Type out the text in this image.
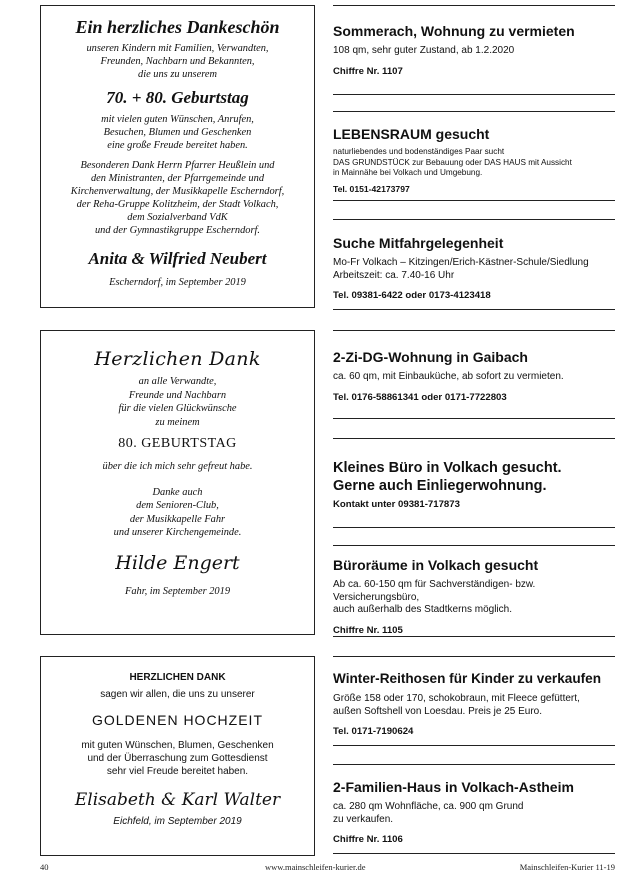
Ein herzliches Dankeschön
unseren Kindern mit Familien, Verwandten,
Freunden, Nachbarn und Bekannten,
die uns zu unserem
70. + 80. Geburtstag
mit vielen guten Wünschen, Anrufen,
Besuchen, Blumen und Geschenken
eine große Freude bereitet haben.
Besonderen Dank Herrn Pfarrer Heußlein und
den Ministranten, der Pfarrgemeinde und
Kirchenverwaltung, der Musikkapelle Escherndorf,
der Reha-Gruppe Kolitzheim, der Stadt Volkach,
dem Sozialverband VdK
und der Gymnastikgruppe Escherndorf.
Anita & Wilfried Neubert
Escherndorf, im September 2019
Herzlichen Dank
an alle Verwandte,
Freunde und Nachbarn
für die vielen Glückwünsche
zu meinem
80. GEBURTSTAG
über die ich mich sehr gefreut habe.
Danke auch
dem Senioren-Club,
der Musikkapelle Fahr
und unserer Kirchengemeinde.
Hilde Engert
Fahr, im September 2019
HERZLICHEN DANK
sagen wir allen, die uns zu unserer
GOLDENEN HOCHZEIT
mit guten Wünschen, Blumen, Geschenken
und der Überraschung zum Gottesdienst
sehr viel Freude bereitet haben.
Elisabeth & Karl Walter
Eichfeld, im September 2019
Sommerach, Wohnung zu vermieten
108 qm, sehr guter Zustand, ab 1.2.2020
Chiffre Nr. 1107
LEBENSRAUM gesucht
naturliebendes und bodenständiges Paar sucht
DAS GRUNDSTÜCK zur Bebauung oder DAS HAUS mit Aussicht
in Mainnähe bei Volkach und Umgebung.
Tel. 0151-42173797
Suche Mitfahrgelegenheit
Mo-Fr Volkach – Kitzingen/Erich-Kästner-Schule/Siedlung
Arbeitszeit: ca. 7.40-16 Uhr
Tel. 09381-6422 oder 0173-4123418
2-Zi-DG-Wohnung in Gaibach
ca. 60 qm, mit Einbauküche, ab sofort zu vermieten.
Tel. 0176-58861341 oder 0171-7722803
Kleines Büro in Volkach gesucht.
Gerne auch Einliegerwohnung.
Kontakt unter 09381-717873
Büroräume in Volkach gesucht
Ab ca. 60-150 qm für Sachverständigen- bzw.
Versicherungsbüro,
auch außerhalb des Stadtkerns möglich.
Chiffre Nr. 1105
Winter-Reithosen für Kinder zu verkaufen
Größe 158 oder 170, schokobraun, mit Fleece gefüttert,
außen Softshell von Loesdau. Preis je 25 Euro.
Tel. 0171-7190624
2-Familien-Haus in Volkach-Astheim
ca. 280 qm Wohnfläche, ca. 900 qm Grund
zu verkaufen.
Chiffre Nr. 1106
40	www.mainschleifen-kurier.de	Mainschleifen-Kurier 11-19
